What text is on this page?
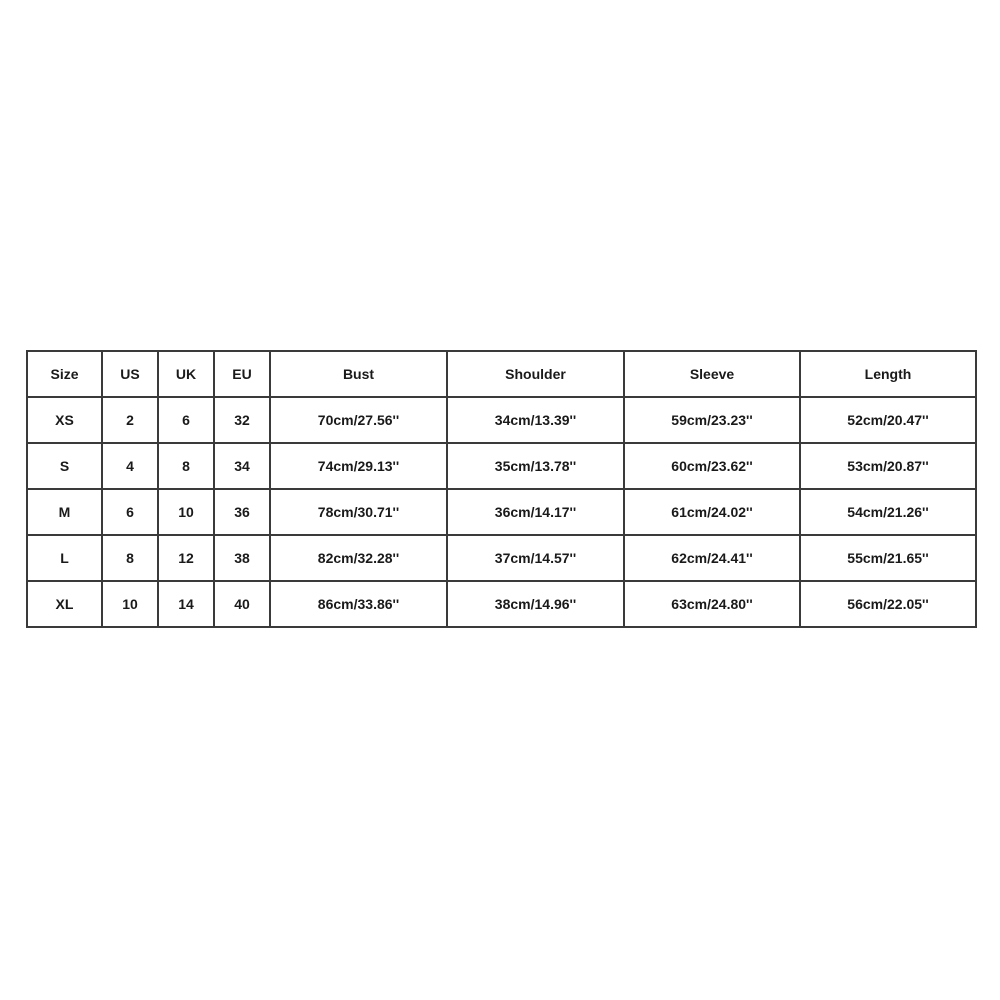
Size	US	UK	EU	Bust	Shoulder	Sleeve	Length
XS	2	6	32	70cm/27.56''	34cm/13.39''	59cm/23.23''	52cm/20.47''
S	4	8	34	74cm/29.13''	35cm/13.78''	60cm/23.62''	53cm/20.87''
M	6	10	36	78cm/30.71''	36cm/14.17''	61cm/24.02''	54cm/21.26''
L	8	12	38	82cm/32.28''	37cm/14.57''	62cm/24.41''	55cm/21.65''
XL	10	14	40	86cm/33.86''	38cm/14.96''	63cm/24.80''	56cm/22.05''
